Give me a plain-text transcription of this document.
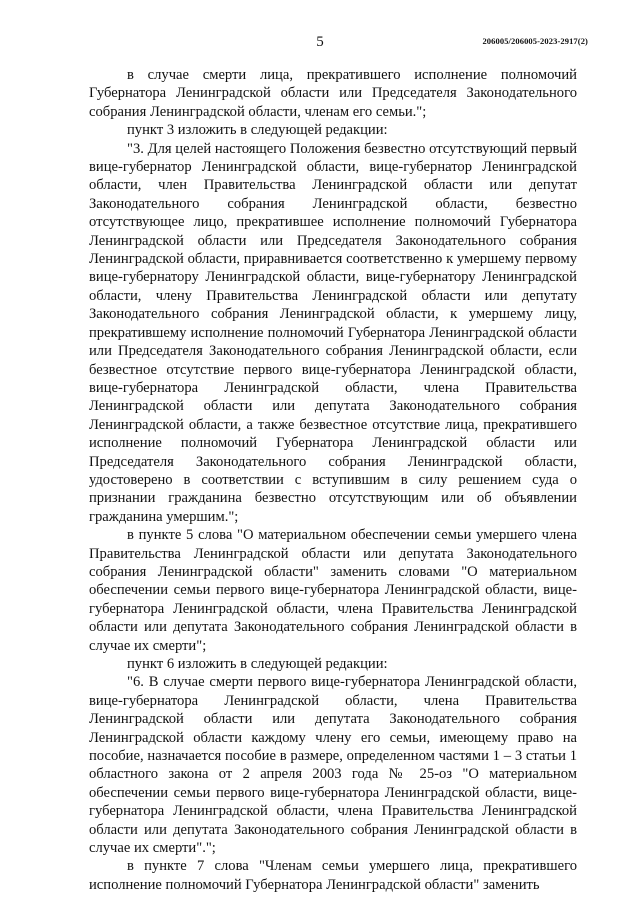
5	206005/206005-2023-2917(2)

в случае смерти лица, прекратившего исполнение полномочий Губернатора Ленинградской области или Председателя Законодательного собрания Ленинградской области, членам его семьи.";

пункт 3 изложить в следующей редакции:

"3. Для целей настоящего Положения безвестно отсутствующий первый вице-губернатор Ленинградской области, вице-губернатор Ленинградской области, член Правительства Ленинградской области или депутат Законодательного собрания Ленинградской области, безвестно отсутствующее лицо, прекратившее исполнение полномочий Губернатора Ленинградской области или Председателя Законодательного собрания Ленинградской области, приравнивается соответственно к умершему первому вице-губернатору Ленинградской области, вице-губернатору Ленинградской области, члену Правительства Ленинградской области или депутату Законодательного собрания Ленинградской области, к умершему лицу, прекратившему исполнение полномочий Губернатора Ленинградской области или Председателя Законодательного собрания Ленинградской области, если безвестное отсутствие первого вице-губернатора Ленинградской области, вице-губернатора Ленинградской области, члена Правительства Ленинградской области или депутата Законодательного собрания Ленинградской области, а также безвестное отсутствие лица, прекратившего исполнение полномочий Губернатора Ленинградской области или Председателя Законодательного собрания Ленинградской области, удостоверено в соответствии с вступившим в силу решением суда о признании гражданина безвестно отсутствующим или об объявлении гражданина умершим.";

в пункте 5 слова "О материальном обеспечении семьи умершего члена Правительства Ленинградской области или депутата Законодательного собрания Ленинградской области" заменить словами "О материальном обеспечении семьи первого вице-губернатора Ленинградской области, вице-губернатора Ленинградской области, члена Правительства Ленинградской области или депутата Законодательного собрания Ленинградской области в случае их смерти";

пункт 6 изложить в следующей редакции:

"6. В случае смерти первого вице-губернатора Ленинградской области, вице-губернатора Ленинградской области, члена Правительства Ленинградской области или депутата Законодательного собрания Ленинградской области каждому члену его семьи, имеющему право на пособие, назначается пособие в размере, определенном частями 1 – 3 статьи 1 областного закона от 2 апреля 2003 года № 25-оз "О материальном обеспечении семьи первого вице-губернатора Ленинградской области, вице-губернатора Ленинградской области, члена Правительства Ленинградской области или депутата Законодательного собрания Ленинградской области в случае их смерти".";

в пункте 7 слова "Членам семьи умершего лица, прекратившего исполнение полномочий Губернатора Ленинградской области" заменить
